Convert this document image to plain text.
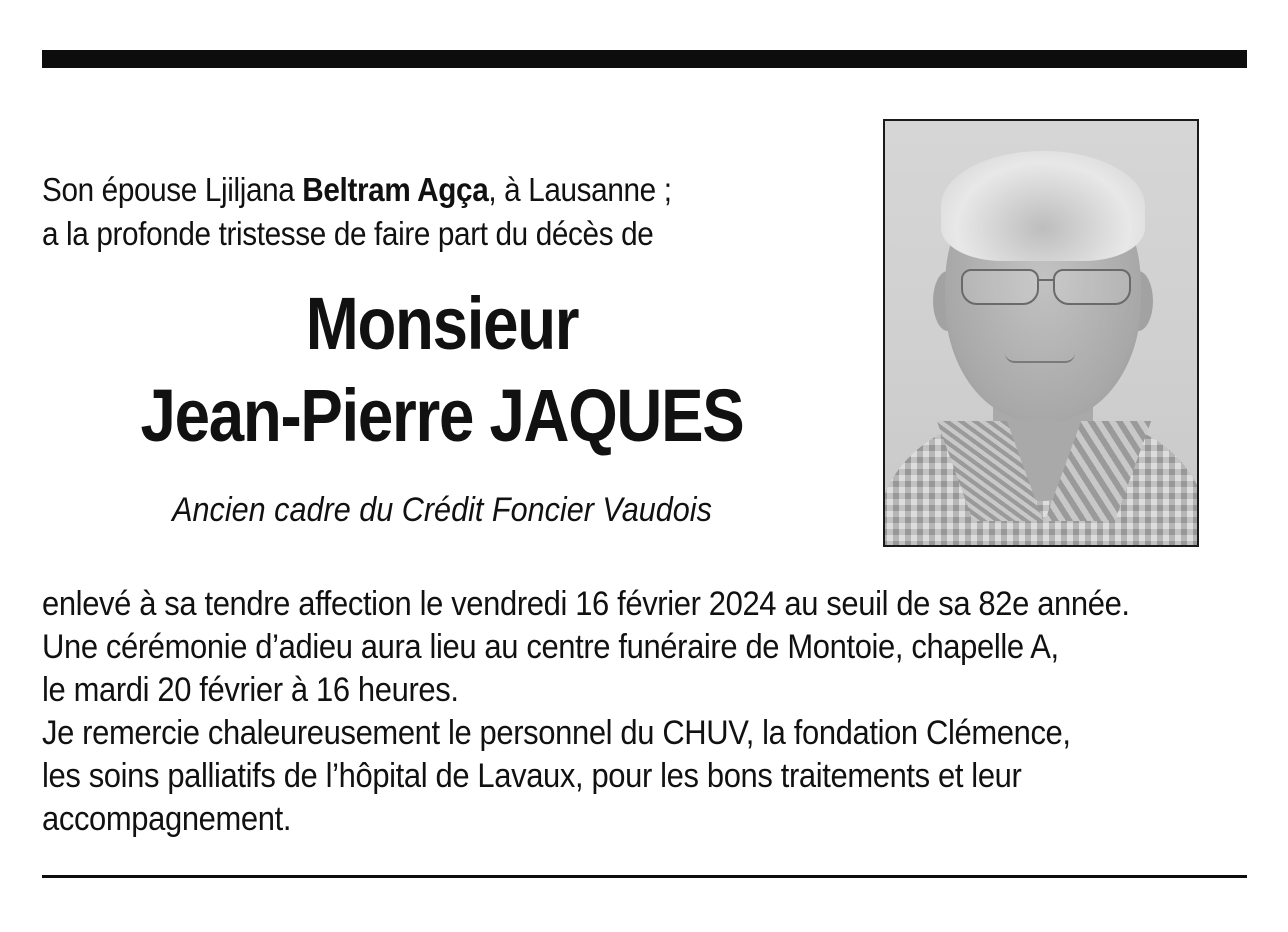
Son épouse Ljiljana Beltram Agça, à Lausanne ;
a la profonde tristesse de faire part du décès de
Monsieur
Jean-Pierre JAQUES
Ancien cadre du Crédit Foncier Vaudois
enlevé à sa tendre affection le vendredi 16 février 2024 au seuil de sa 82e année.
Une cérémonie d’adieu aura lieu au centre funéraire de Montoie, chapelle A,
le mardi 20 février à 16 heures.
Je remercie chaleureusement le personnel du CHUV, la fondation Clémence,
les soins palliatifs de l’hôpital de Lavaux, pour les bons traitements et leur
accompagnement.
